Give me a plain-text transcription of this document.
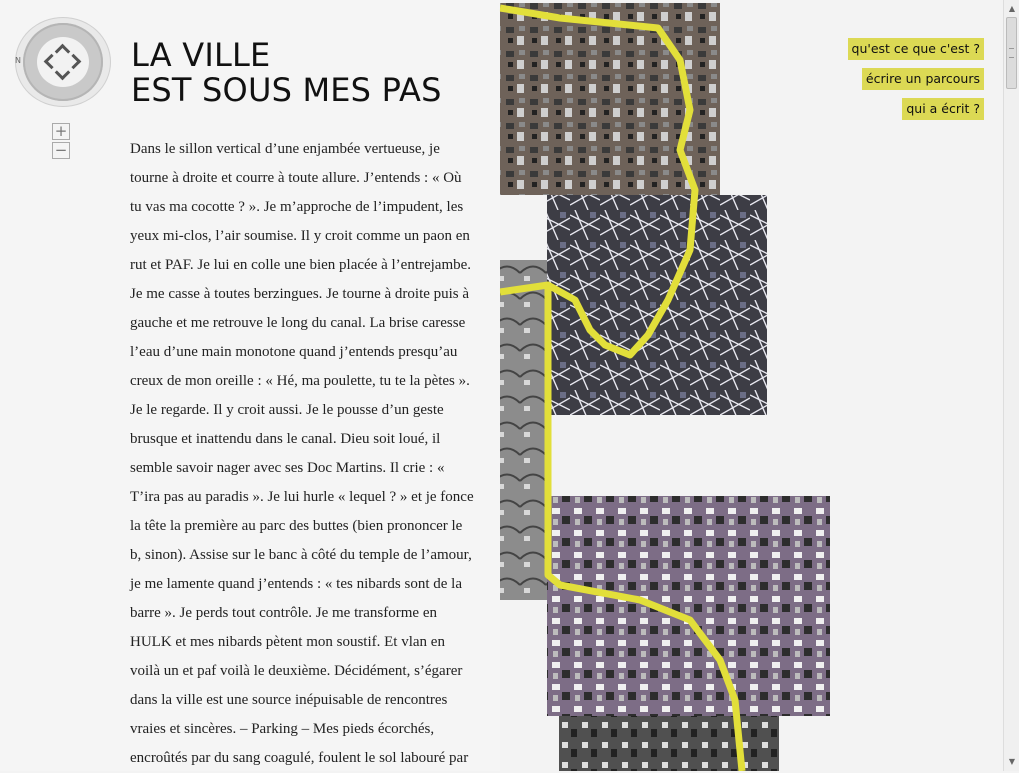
N
+
−
LA VILLE
EST SOUS MES PAS

Dans le sillon vertical d’une enjambée vertueuse, je tourne à droite et courre à toute allure. J’entends : « Où tu vas ma cocotte ? ». Je m’approche de l’impudent, les yeux mi-clos, l’air soumise. Il y croit comme un paon en rut et PAF. Je lui en colle une bien placée à l’entrejambe. Je me casse à toutes berzingues. Je tourne à droite puis à gauche et me retrouve le long du canal. La brise caresse l’eau d’une main monotone quand j’entends presqu’au creux de mon oreille : « Hé, ma poulette, tu te la pètes ». Je le regarde. Il y croit aussi. Je le pousse d’un geste brusque et inattendu dans le canal. Dieu soit loué, il semble savoir nager avec ses Doc Martins. Il crie : « T’ira pas au paradis ». Je lui hurle « lequel ? » et je fonce la tête la première au parc des buttes (bien prononcer le b, sinon). Assise sur le banc à côté du temple de l’amour, je me lamente quand j’entends : « tes nibards sont de la barre ». Je perds tout contrôle. Je me transforme en HULK et mes nibards pètent mon soustif. Et vlan en voilà un et paf voilà le deuxième. Décidément, s’égarer dans la ville est une source inépuisable de rencontres vraies et sincères. – Parking – Mes pieds écorchés, encroûtés par du sang coagulé, foulent le sol labouré par

qu'est ce que c'est ?
écrire un parcours
qui a écrit ?
▲
▼
